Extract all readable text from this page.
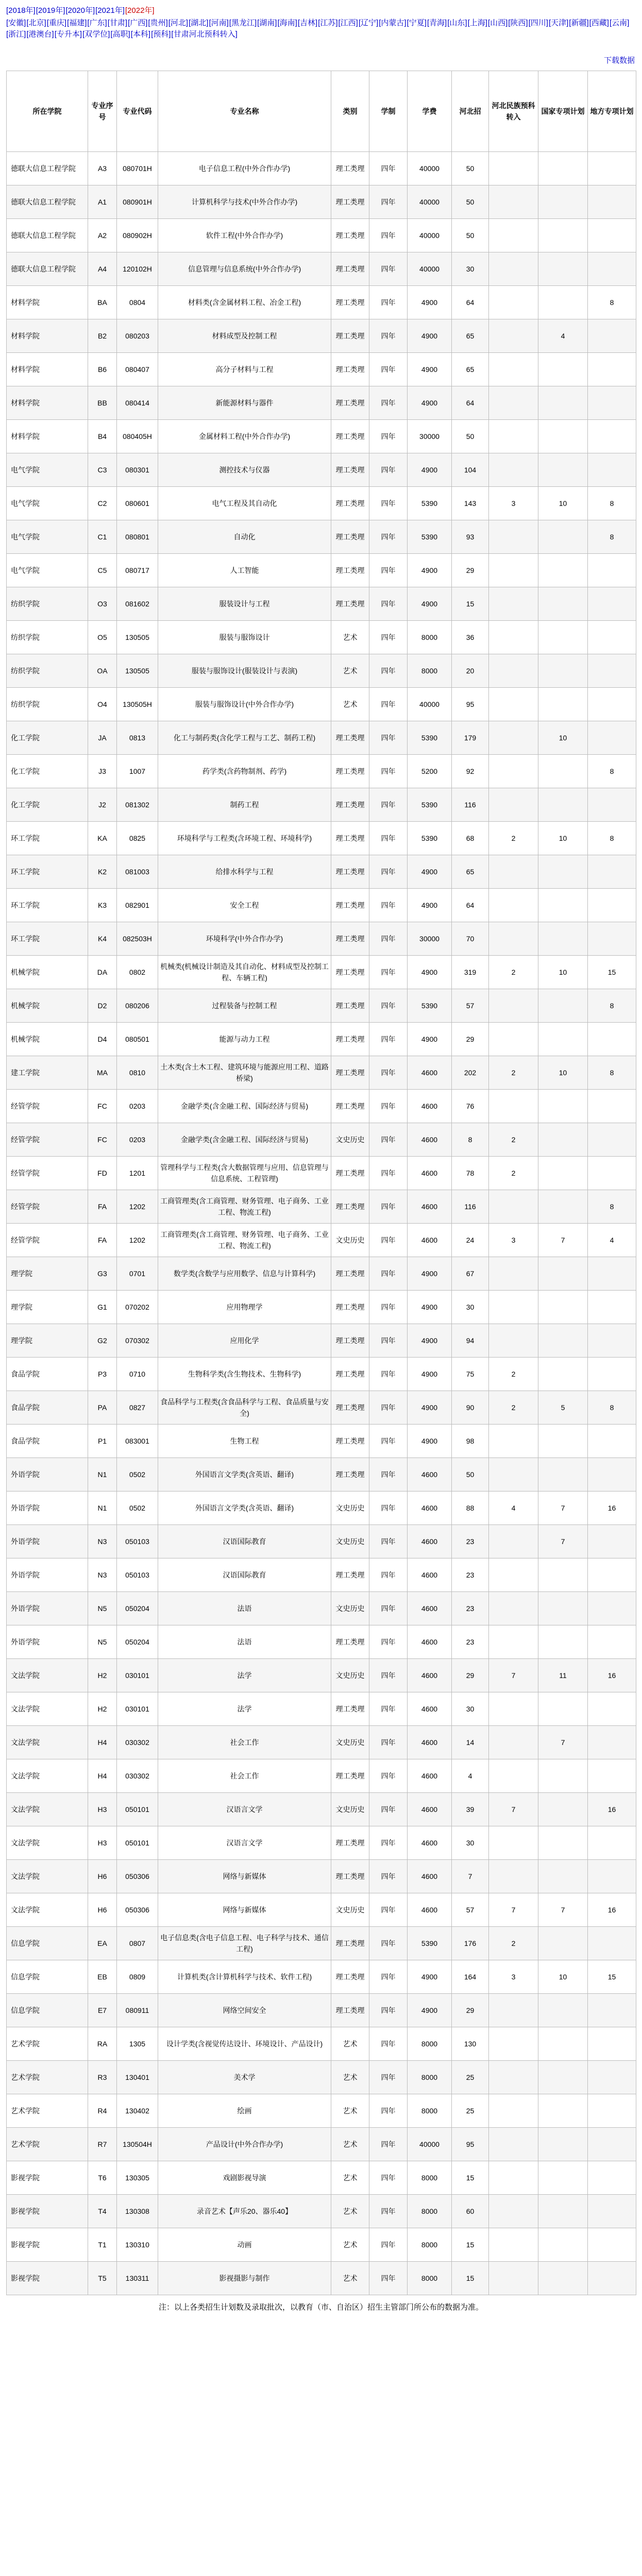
[2018年][2019年][2020年][2021年][2022年]
[安徽][北京][重庆][福建][广东][甘肃][广西][贵州][河北][湖北][河南][黑龙江][湖南][海南][吉林][江苏][江西][辽宁][内蒙古][宁夏][青海][山东][上海][山西][陕西][四川][天津][新疆][西藏][云南][浙江][港澳台][专升本][双学位][高职][本科][预科][甘肃河北预科转入]
下载数据
所在学院	专业序号	专业代码	专业名称	类别	学制	学费	河北招	河北民族预科转入	国家专项计划	地方专项计划
德联大信息工程学院	A3	080701H	电子信息工程(中外合作办学)	理工类理	四年	40000	50			
德联大信息工程学院	A1	080901H	计算机科学与技术(中外合作办学)	理工类理	四年	40000	50			
德联大信息工程学院	A2	080902H	软件工程(中外合作办学)	理工类理	四年	40000	50			
德联大信息工程学院	A4	120102H	信息管理与信息系统(中外合作办学)	理工类理	四年	40000	30			
材料学院	BA	0804	材料类(含金属材料工程、冶金工程)	理工类理	四年	4900	64			8
材料学院	B2	080203	材料成型及控制工程	理工类理	四年	4900	65		4	
材料学院	B6	080407	高分子材料与工程	理工类理	四年	4900	65			
材料学院	BB	080414	新能源材料与器件	理工类理	四年	4900	64			
材料学院	B4	080405H	金属材料工程(中外合作办学)	理工类理	四年	30000	50			
电气学院	C3	080301	测控技术与仪器	理工类理	四年	4900	104			
电气学院	C2	080601	电气工程及其自动化	理工类理	四年	5390	143	3	10	8
电气学院	C1	080801	自动化	理工类理	四年	5390	93			8
电气学院	C5	080717	人工智能	理工类理	四年	4900	29			
纺织学院	O3	081602	服装设计与工程	理工类理	四年	4900	15			
纺织学院	O5	130505	服装与服饰设计	艺术	四年	8000	36			
纺织学院	OA	130505	服装与服饰设计(服装设计与表演)	艺术	四年	8000	20			
纺织学院	O4	130505H	服装与服饰设计(中外合作办学)	艺术	四年	40000	95			
化工学院	JA	0813	化工与制药类(含化学工程与工艺、制药工程)	理工类理	四年	5390	179		10	
化工学院	J3	1007	药学类(含药物制剂、药学)	理工类理	四年	5200	92			8
化工学院	J2	081302	制药工程	理工类理	四年	5390	116			
环工学院	KA	0825	环境科学与工程类(含环境工程、环境科学)	理工类理	四年	5390	68	2	10	8
环工学院	K2	081003	给排水科学与工程	理工类理	四年	4900	65			
环工学院	K3	082901	安全工程	理工类理	四年	4900	64			
环工学院	K4	082503H	环境科学(中外合作办学)	理工类理	四年	30000	70			
机械学院	DA	0802	机械类(机械设计制造及其自动化、材料成型及控制工程、车辆工程)	理工类理	四年	4900	319	2	10	15
机械学院	D2	080206	过程装备与控制工程	理工类理	四年	5390	57			8
机械学院	D4	080501	能源与动力工程	理工类理	四年	4900	29			
建工学院	MA	0810	土木类(含土木工程、建筑环境与能源应用工程、道路桥梁)	理工类理	四年	4600	202	2	10	8
经管学院	FC	0203	金融学类(含金融工程、国际经济与贸易)	理工类理	四年	4600	76			
经管学院	FC	0203	金融学类(含金融工程、国际经济与贸易)	文史历史	四年	4600	8	2		
经管学院	FD	1201	管理科学与工程类(含大数据管理与应用、信息管理与信息系统、工程管理)	理工类理	四年	4600	78	2		
经管学院	FA	1202	工商管理类(含工商管理、财务管理、电子商务、工业工程、物流工程)	理工类理	四年	4600	116			8
经管学院	FA	1202	工商管理类(含工商管理、财务管理、电子商务、工业工程、物流工程)	文史历史	四年	4600	24	3	7	4
理学院	G3	0701	数学类(含数学与应用数学、信息与计算科学)	理工类理	四年	4900	67			
理学院	G1	070202	应用物理学	理工类理	四年	4900	30			
理学院	G2	070302	应用化学	理工类理	四年	4900	94			
食品学院	P3	0710	生物科学类(含生物技术、生物科学)	理工类理	四年	4900	75	2		
食品学院	PA	0827	食品科学与工程类(含食品科学与工程、食品质量与安全)	理工类理	四年	4900	90	2	5	8
食品学院	P1	083001	生物工程	理工类理	四年	4900	98			
外语学院	N1	0502	外国语言文学类(含英语、翻译)	理工类理	四年	4600	50			
外语学院	N1	0502	外国语言文学类(含英语、翻译)	文史历史	四年	4600	88	4	7	16
外语学院	N3	050103	汉语国际教育	文史历史	四年	4600	23		7	
外语学院	N3	050103	汉语国际教育	理工类理	四年	4600	23			
外语学院	N5	050204	法语	文史历史	四年	4600	23			
外语学院	N5	050204	法语	理工类理	四年	4600	23			
文法学院	H2	030101	法学	文史历史	四年	4600	29	7	11	16
文法学院	H2	030101	法学	理工类理	四年	4600	30			
文法学院	H4	030302	社会工作	文史历史	四年	4600	14		7	
文法学院	H4	030302	社会工作	理工类理	四年	4600	4			
文法学院	H3	050101	汉语言文学	文史历史	四年	4600	39	7		16
文法学院	H3	050101	汉语言文学	理工类理	四年	4600	30			
文法学院	H6	050306	网络与新媒体	理工类理	四年	4600	7			
文法学院	H6	050306	网络与新媒体	文史历史	四年	4600	57	7	7	16
信息学院	EA	0807	电子信息类(含电子信息工程、电子科学与技术、通信工程)	理工类理	四年	5390	176	2		
信息学院	EB	0809	计算机类(含计算机科学与技术、软件工程)	理工类理	四年	4900	164	3	10	15
信息学院	E7	080911	网络空间安全	理工类理	四年	4900	29			
艺术学院	RA	1305	设计学类(含视觉传达设计、环境设计、产品设计)	艺术	四年	8000	130			
艺术学院	R3	130401	美术学	艺术	四年	8000	25			
艺术学院	R4	130402	绘画	艺术	四年	8000	25			
艺术学院	R7	130504H	产品设计(中外合作办学)	艺术	四年	40000	95			
影视学院	T6	130305	戏剧影视导演	艺术	四年	8000	15			
影视学院	T4	130308	录音艺术【声乐20、器乐40】	艺术	四年	8000	60			
影视学院	T1	130310	动画	艺术	四年	8000	15			
影视学院	T5	130311	影视摄影与制作	艺术	四年	8000	15			
注：以上各类招生计划数及录取批次，以教育（市、自治区）招生主管部门所公布的数据为准。
